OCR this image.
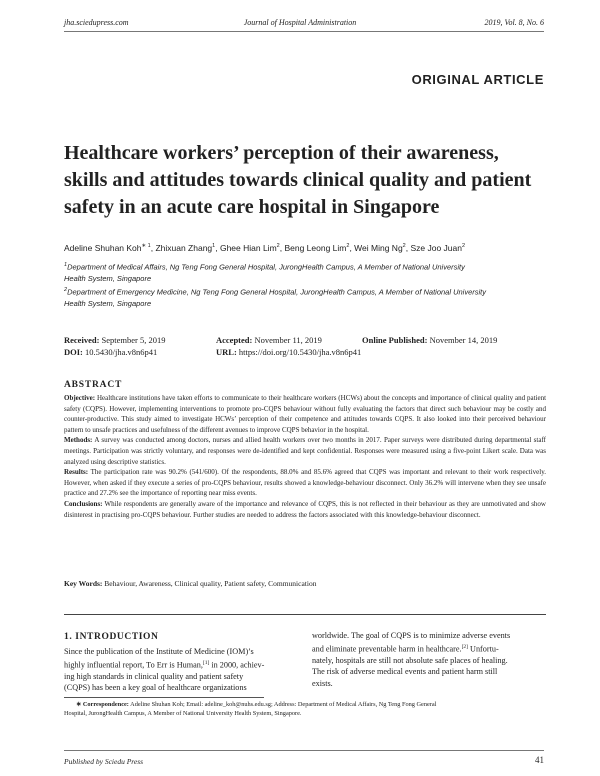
jha.sciedupress.com	Journal of Hospital Administration	2019, Vol. 8, No. 6
ORIGINAL ARTICLE
Healthcare workers’ perception of their awareness,
skills and attitudes towards clinical quality and patient
safety in an acute care hospital in Singapore
Adeline Shuhan Koh$^{∗ 1}$, Zhixuan Zhang$^1$, Ghee Hian Lim$^2$, Beng Leong Lim$^2$, Wei Ming Ng$^2$, Sze Joo Juan$^2$
$^1$Department of Medical Affairs, Ng Teng Fong General Hospital, JurongHealth Campus, A Member of National University
Health System, Singapore
$^2$Department of Emergency Medicine, Ng Teng Fong General Hospital, JurongHealth Campus, A Member of National University
Health System, Singapore
Received: September 5, 2019	Accepted: November 11, 2019	Online Published: November 14, 2019
DOI: 10.5430/jha.v8n6p41	URL: https://doi.org/10.5430/jha.v8n6p41
ABSTRACT

Objective: Healthcare institutions have taken efforts to communicate to their healthcare workers (HCWs) about the concepts and importance of clinical quality and patient safety (CQPS). However, implementing interventions to promote pro-CQPS behaviour without fully evaluating the factors that direct such behaviour may be costly and counter-productive. This study aimed to investigate HCWs’ perception of their competence and attitudes towards CQPS. It also looked into their perceived behaviour pattern to unsafe practices and usefulness of the different avenues to improve CQPS behavior in the hospital.

Methods: A survey was conducted among doctors, nurses and allied health workers over two months in 2017. Paper surveys were distributed during departmental staff meetings. Participation was strictly voluntary, and responses were de-identified and kept confidential. Responses were measured using a five-point Likert scale. Data was analyzed using descriptive statistics.

Results: The participation rate was 90.2% (541/600). Of the respondents, 88.0% and 85.6% agreed that CQPS was important and relevant to their work respectively. However, when asked if they execute a series of pro-CQPS behaviour, results showed a knowledge-behaviour disconnect. Only 36.2% will intervene when they see unsafe practice and 27.2% see the importance of reporting near miss events.

Conclusions: While respondents are generally aware of the importance and relevance of CQPS, this is not reflected in their behaviour as they are unmotivated and show disinterest in practising pro-CQPS behaviour. Further studies are needed to address the factors associated with this knowledge-behaviour disconnect.

Key Words: Behaviour, Awareness, Clinical quality, Patient safety, Communication
1. INTRODUCTION
Since the publication of the Institute of Medicine (IOM)’s
highly influential report, To Err is Human,[1] in 2000, achiev-
ing high standards in clinical quality and patient safety
(CQPS) has been a key goal of healthcare organizations
worldwide. The goal of CQPS is to minimize adverse events
and eliminate preventable harm in healthcare.[2] Unfortu-
nately, hospitals are still not absolute safe places of healing.
The risk of adverse medical events and patient harm still
exists.
∗ Correspondence: Adeline Shuhan Koh; Email: adeline_koh@nuhs.edu.sg; Address: Department of Medical Affairs, Ng Teng Fong General
Hospital, JurongHealth Campus, A Member of National University Health System, Singapore.
Published by Sciedu Press	41
